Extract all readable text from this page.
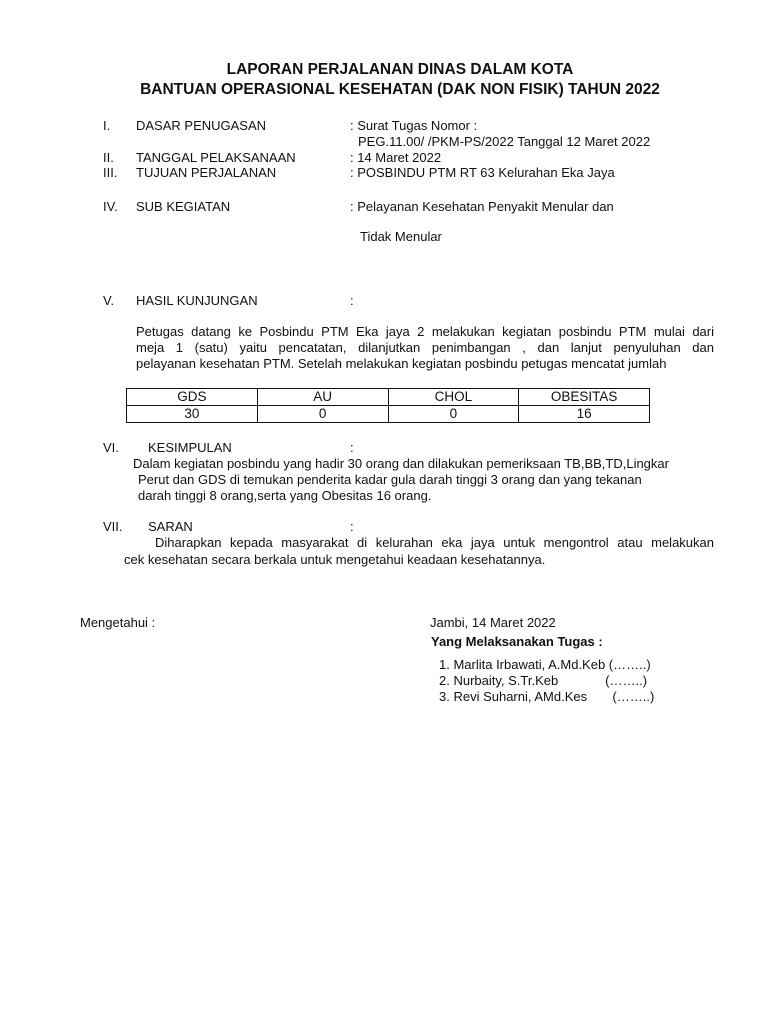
LAPORAN PERJALANAN DINAS DALAM KOTA
BANTUAN OPERASIONAL KESEHATAN (DAK NON FISIK) TAHUN 2022
I. DASAR PENUGASAN	: Surat Tugas Nomor :
PEG.11.00/ /PKM-PS/2022 Tanggal 12 Maret 2022
II. TANGGAL PELAKSANAAN	: 14 Maret 2022
III. TUJUAN PERJALANAN	: POSBINDU PTM RT 63 Kelurahan Eka Jaya
IV. SUB KEGIATAN	: Pelayanan Kesehatan Penyakit Menular dan
Tidak Menular
V. HASIL KUNJUNGAN	:
Petugas datang ke Posbindu PTM Eka jaya 2 melakukan kegiatan posbindu PTM mulai dari
meja 1 (satu) yaitu pencatatan, dilanjutkan penimbangan , dan lanjut penyuluhan dan
pelayanan kesehatan PTM. Setelah melakukan kegiatan posbindu petugas mencatat jumlah
GDS	AU	CHOL	OBESITAS
30	0	0	16
VI. KESIMPULAN	:
Dalam kegiatan posbindu yang hadir 30 orang dan dilakukan pemeriksaan TB,BB,TD,Lingkar
Perut dan GDS di temukan penderita kadar gula darah tinggi 3 orang dan yang tekanan
darah tinggi 8 orang,serta yang Obesitas 16 orang.
VII. SARAN	:
Diharapkan kepada masyarakat di kelurahan eka jaya untuk mengontrol atau melakukan
cek kesehatan secara berkala untuk mengetahui keadaan kesehatannya.
Mengetahui :	Jambi, 14 Maret 2022
Yang Melaksanakan Tugas :
1. Marlita Irbawati, A.Md.Keb (……..)
2. Nurbaity, S.Tr.Keb             (……..)
3. Revi Suharni, AMd.Kes       (……..)
